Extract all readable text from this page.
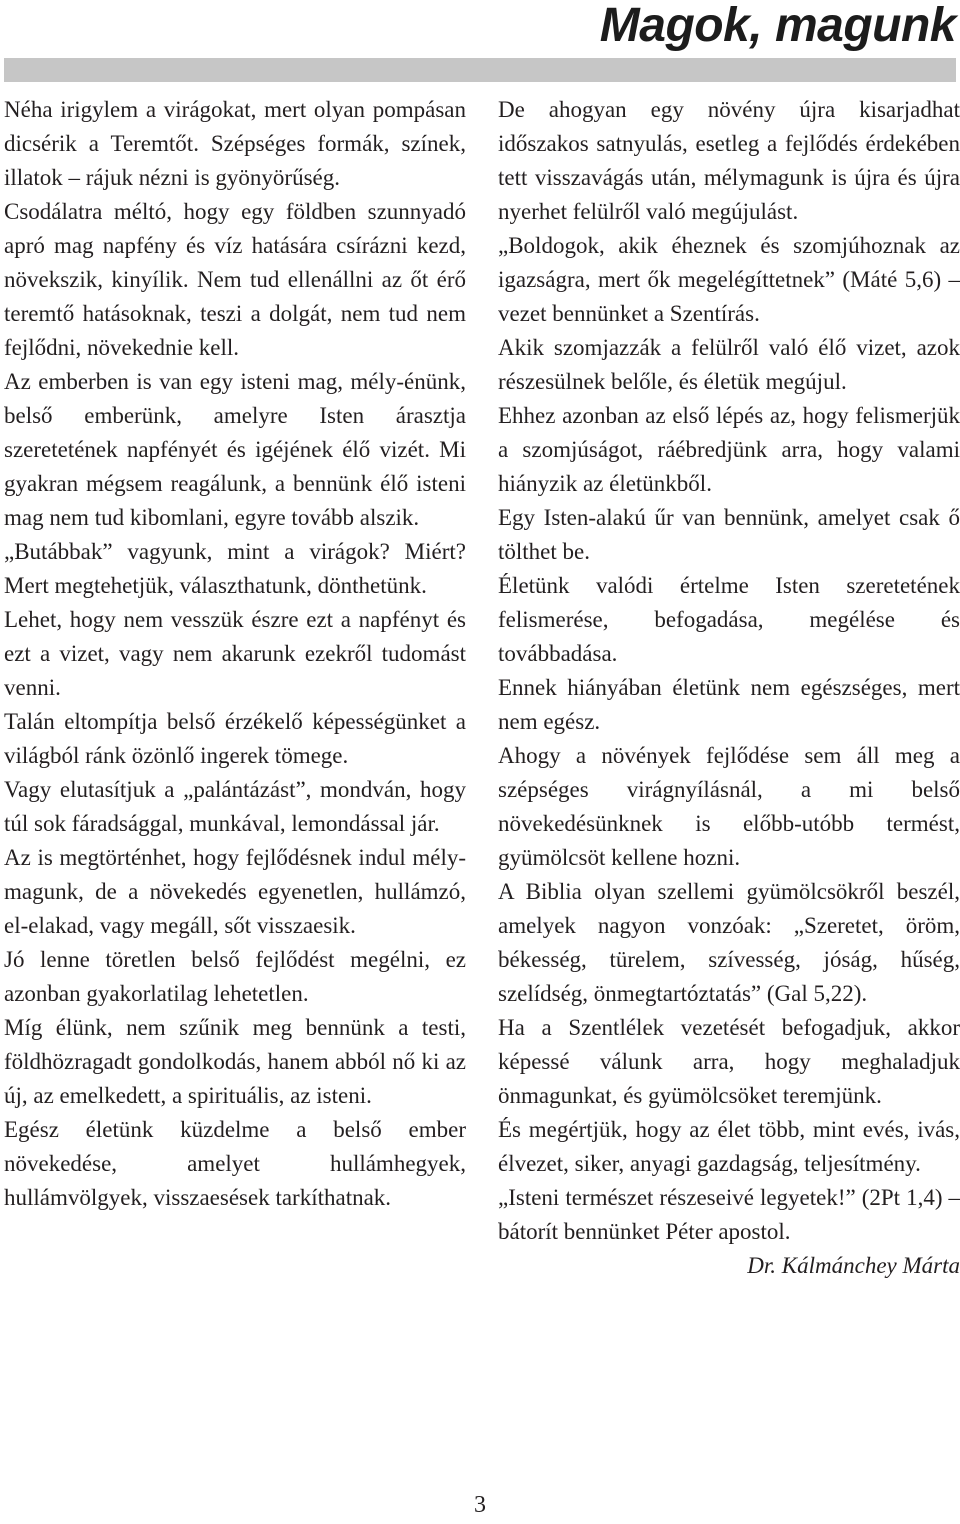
Magok, magunk

Néha irigylem a virágokat, mert olyan pompásan dicsérik a Teremtőt. Szépséges formák, színek, illatok – rájuk nézni is gyönyörűség.

Csodálatra méltó, hogy egy földben szunnyadó apró mag napfény és víz hatására csírázni kezd, növekszik, kinyílik. Nem tud ellenállni az őt érő teremtő hatásoknak, teszi a dolgát, nem tud nem fejlődni, növekednie kell.

Az emberben is van egy isteni mag, mély-énünk, belső emberünk, amelyre Isten árasztja szeretetének napfényét és igéjének élő vizét. Mi gyakran mégsem reagálunk, a bennünk élő isteni mag nem tud kibomlani, egyre tovább alszik.

„Butábbak” vagyunk, mint a virágok? Miért? Mert megtehetjük, választhatunk, dönthetünk.

Lehet, hogy nem vesszük észre ezt a napfényt és ezt a vizet, vagy nem akarunk ezekről tudomást venni.

Talán eltompítja belső érzékelő képességünket a világból ránk özönlő ingerek tömege.

Vagy elutasítjuk a „palántázást”, mondván, hogy túl sok fáradsággal, munkával, lemondással jár.

Az is megtörténhet, hogy fejlődésnek indul mély-magunk, de a növekedés egyenetlen, hullámzó, el-elakad, vagy megáll, sőt visszaesik.

Jó lenne töretlen belső fejlődést megélni, ez azonban gyakorlatilag lehetetlen.

Míg élünk, nem szűnik meg bennünk a testi, földhözragadt gondolkodás, hanem abból nő ki az új, az emelkedett, a spirituális, az isteni.

Egész életünk küzdelme a belső ember növekedése, amelyet hullámhegyek, hullámvölgyek, visszaesések tarkíthatnak.

De ahogyan egy növény újra kisarjadhat időszakos satnyulás, esetleg a fejlődés érdekében tett visszavágás után, mélymagunk is újra és újra nyerhet felülről való megújulást.

„Boldogok, akik éheznek és szomjúhoznak az igazságra, mert ők megelégíttetnek” (Máté 5,6) – vezet bennünket a Szentírás.

Akik szomjazzák a felülről való élő vizet, azok részesülnek belőle, és életük megújul.

Ehhez azonban az első lépés az, hogy felismerjük a szomjúságot, ráébredjünk arra, hogy valami hiányzik az életünkből.

Egy Isten-alakú űr van bennünk, amelyet csak ő tölthet be.

Életünk valódi értelme Isten szeretetének felismerése, befogadása, megélése és továbbadása.

Ennek hiányában életünk nem egészséges, mert nem egész.

Ahogy a növények fejlődése sem áll meg a szépséges virágnyílásnál, a mi belső növekedésünknek is előbb-utóbb termést, gyümölcsöt kellene hozni.

A Biblia olyan szellemi gyümölcsökről beszél, amelyek nagyon vonzóak: „Szeretet, öröm, békesség, türelem, szívesség, jóság, hűség, szelídség, önmegtartóztatás” (Gal 5,22).

Ha a Szentlélek vezetését befogadjuk, akkor képessé válunk arra, hogy meghaladjuk önmagunkat, és gyümölcsöket teremjünk.

És megértjük, hogy az élet több, mint evés, ivás, élvezet, siker, anyagi gazdagság, teljesítmény.

„Isteni természet részeseivé legyetek!” (2Pt 1,4) – bátorít bennünket Péter apostol.

Dr. Kálmánchey Márta

3
